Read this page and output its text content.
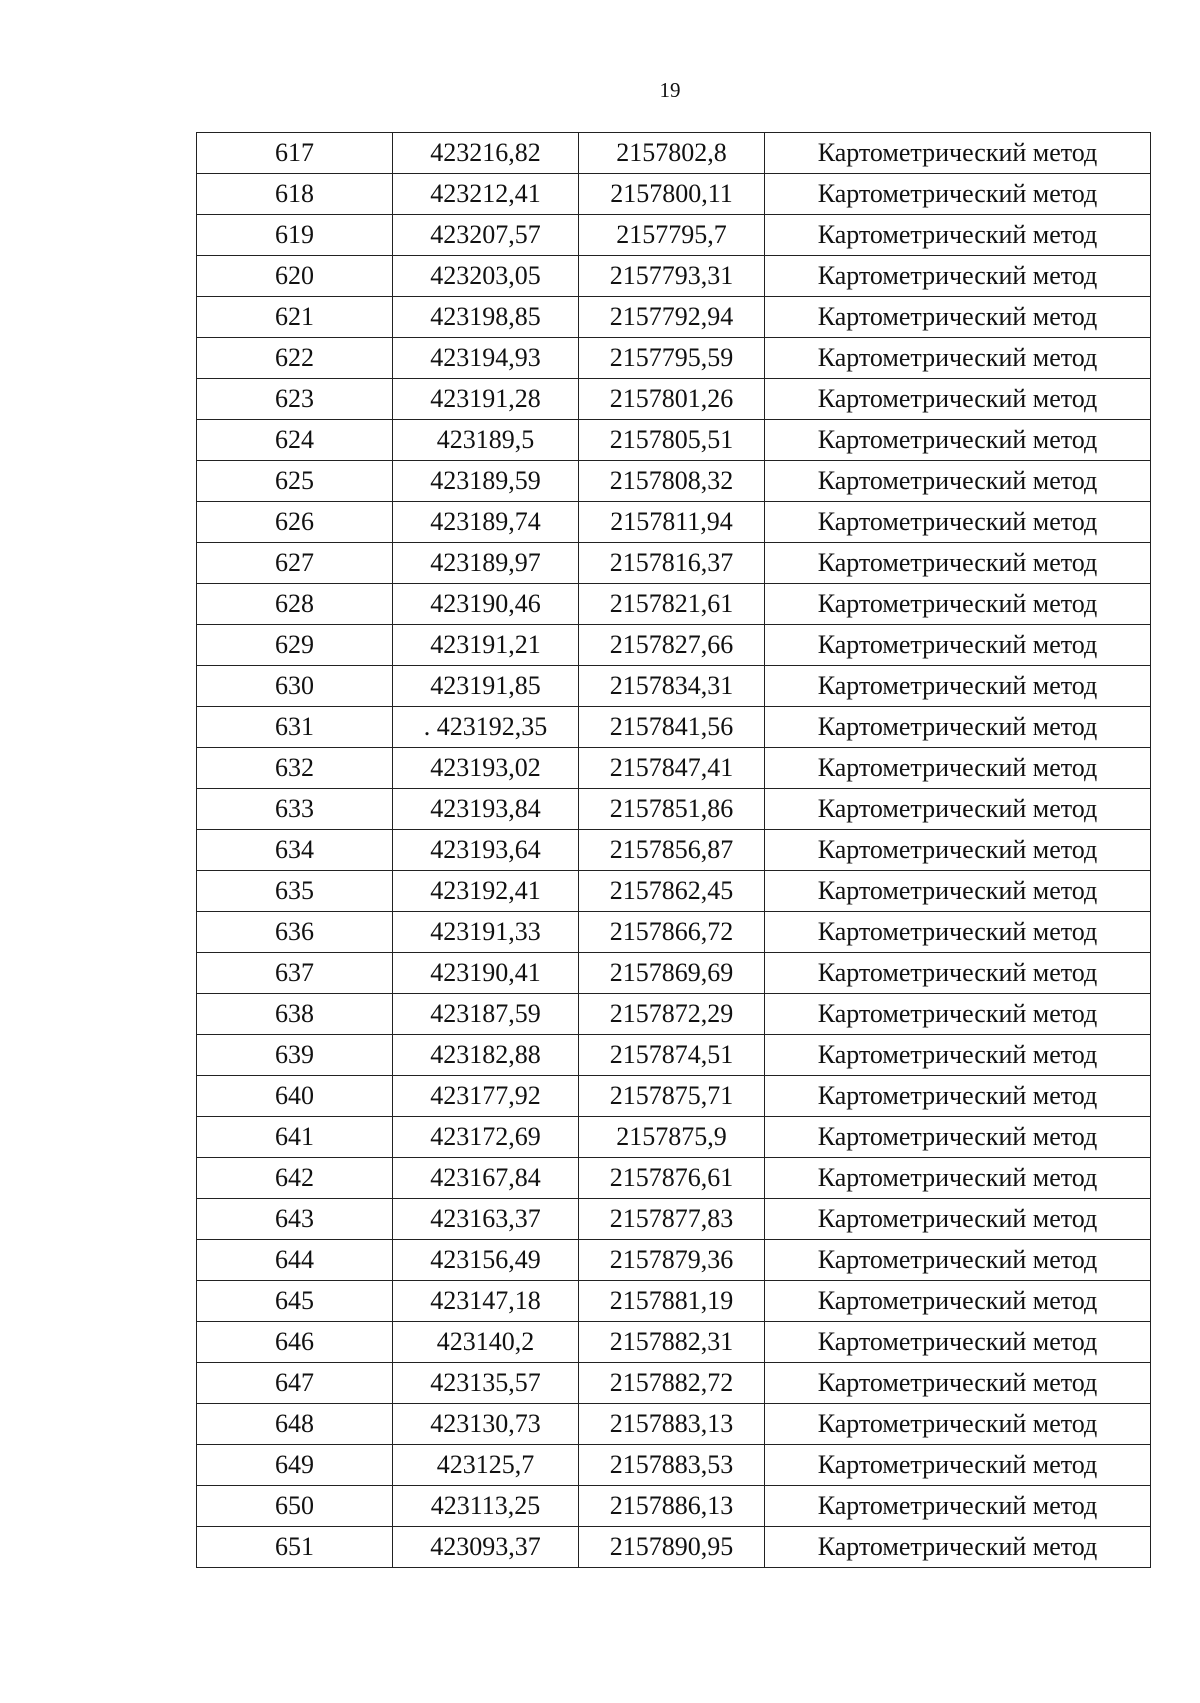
19
617	423216,82	2157802,8	Картометрический метод
618	423212,41	2157800,11	Картометрический метод
619	423207,57	2157795,7	Картометрический метод
620	423203,05	2157793,31	Картометрический метод
621	423198,85	2157792,94	Картометрический метод
622	423194,93	2157795,59	Картометрический метод
623	423191,28	2157801,26	Картометрический метод
624	423189,5	2157805,51	Картометрический метод
625	423189,59	2157808,32	Картометрический метод
626	423189,74	2157811,94	Картометрический метод
627	423189,97	2157816,37	Картометрический метод
628	423190,46	2157821,61	Картометрический метод
629	423191,21	2157827,66	Картометрический метод
630	423191,85	2157834,31	Картометрический метод
631	. 423192,35	2157841,56	Картометрический метод
632	423193,02	2157847,41	Картометрический метод
633	423193,84	2157851,86	Картометрический метод
634	423193,64	2157856,87	Картометрический метод
635	423192,41	2157862,45	Картометрический метод
636	423191,33	2157866,72	Картометрический метод
637	423190,41	2157869,69	Картометрический метод
638	423187,59	2157872,29	Картометрический метод
639	423182,88	2157874,51	Картометрический метод
640	423177,92	2157875,71	Картометрический метод
641	423172,69	2157875,9	Картометрический метод
642	423167,84	2157876,61	Картометрический метод
643	423163,37	2157877,83	Картометрический метод
644	423156,49	2157879,36	Картометрический метод
645	423147,18	2157881,19	Картометрический метод
646	423140,2	2157882,31	Картометрический метод
647	423135,57	2157882,72	Картометрический метод
648	423130,73	2157883,13	Картометрический метод
649	423125,7	2157883,53	Картометрический метод
650	423113,25	2157886,13	Картометрический метод
651	423093,37	2157890,95	Картометрический метод
